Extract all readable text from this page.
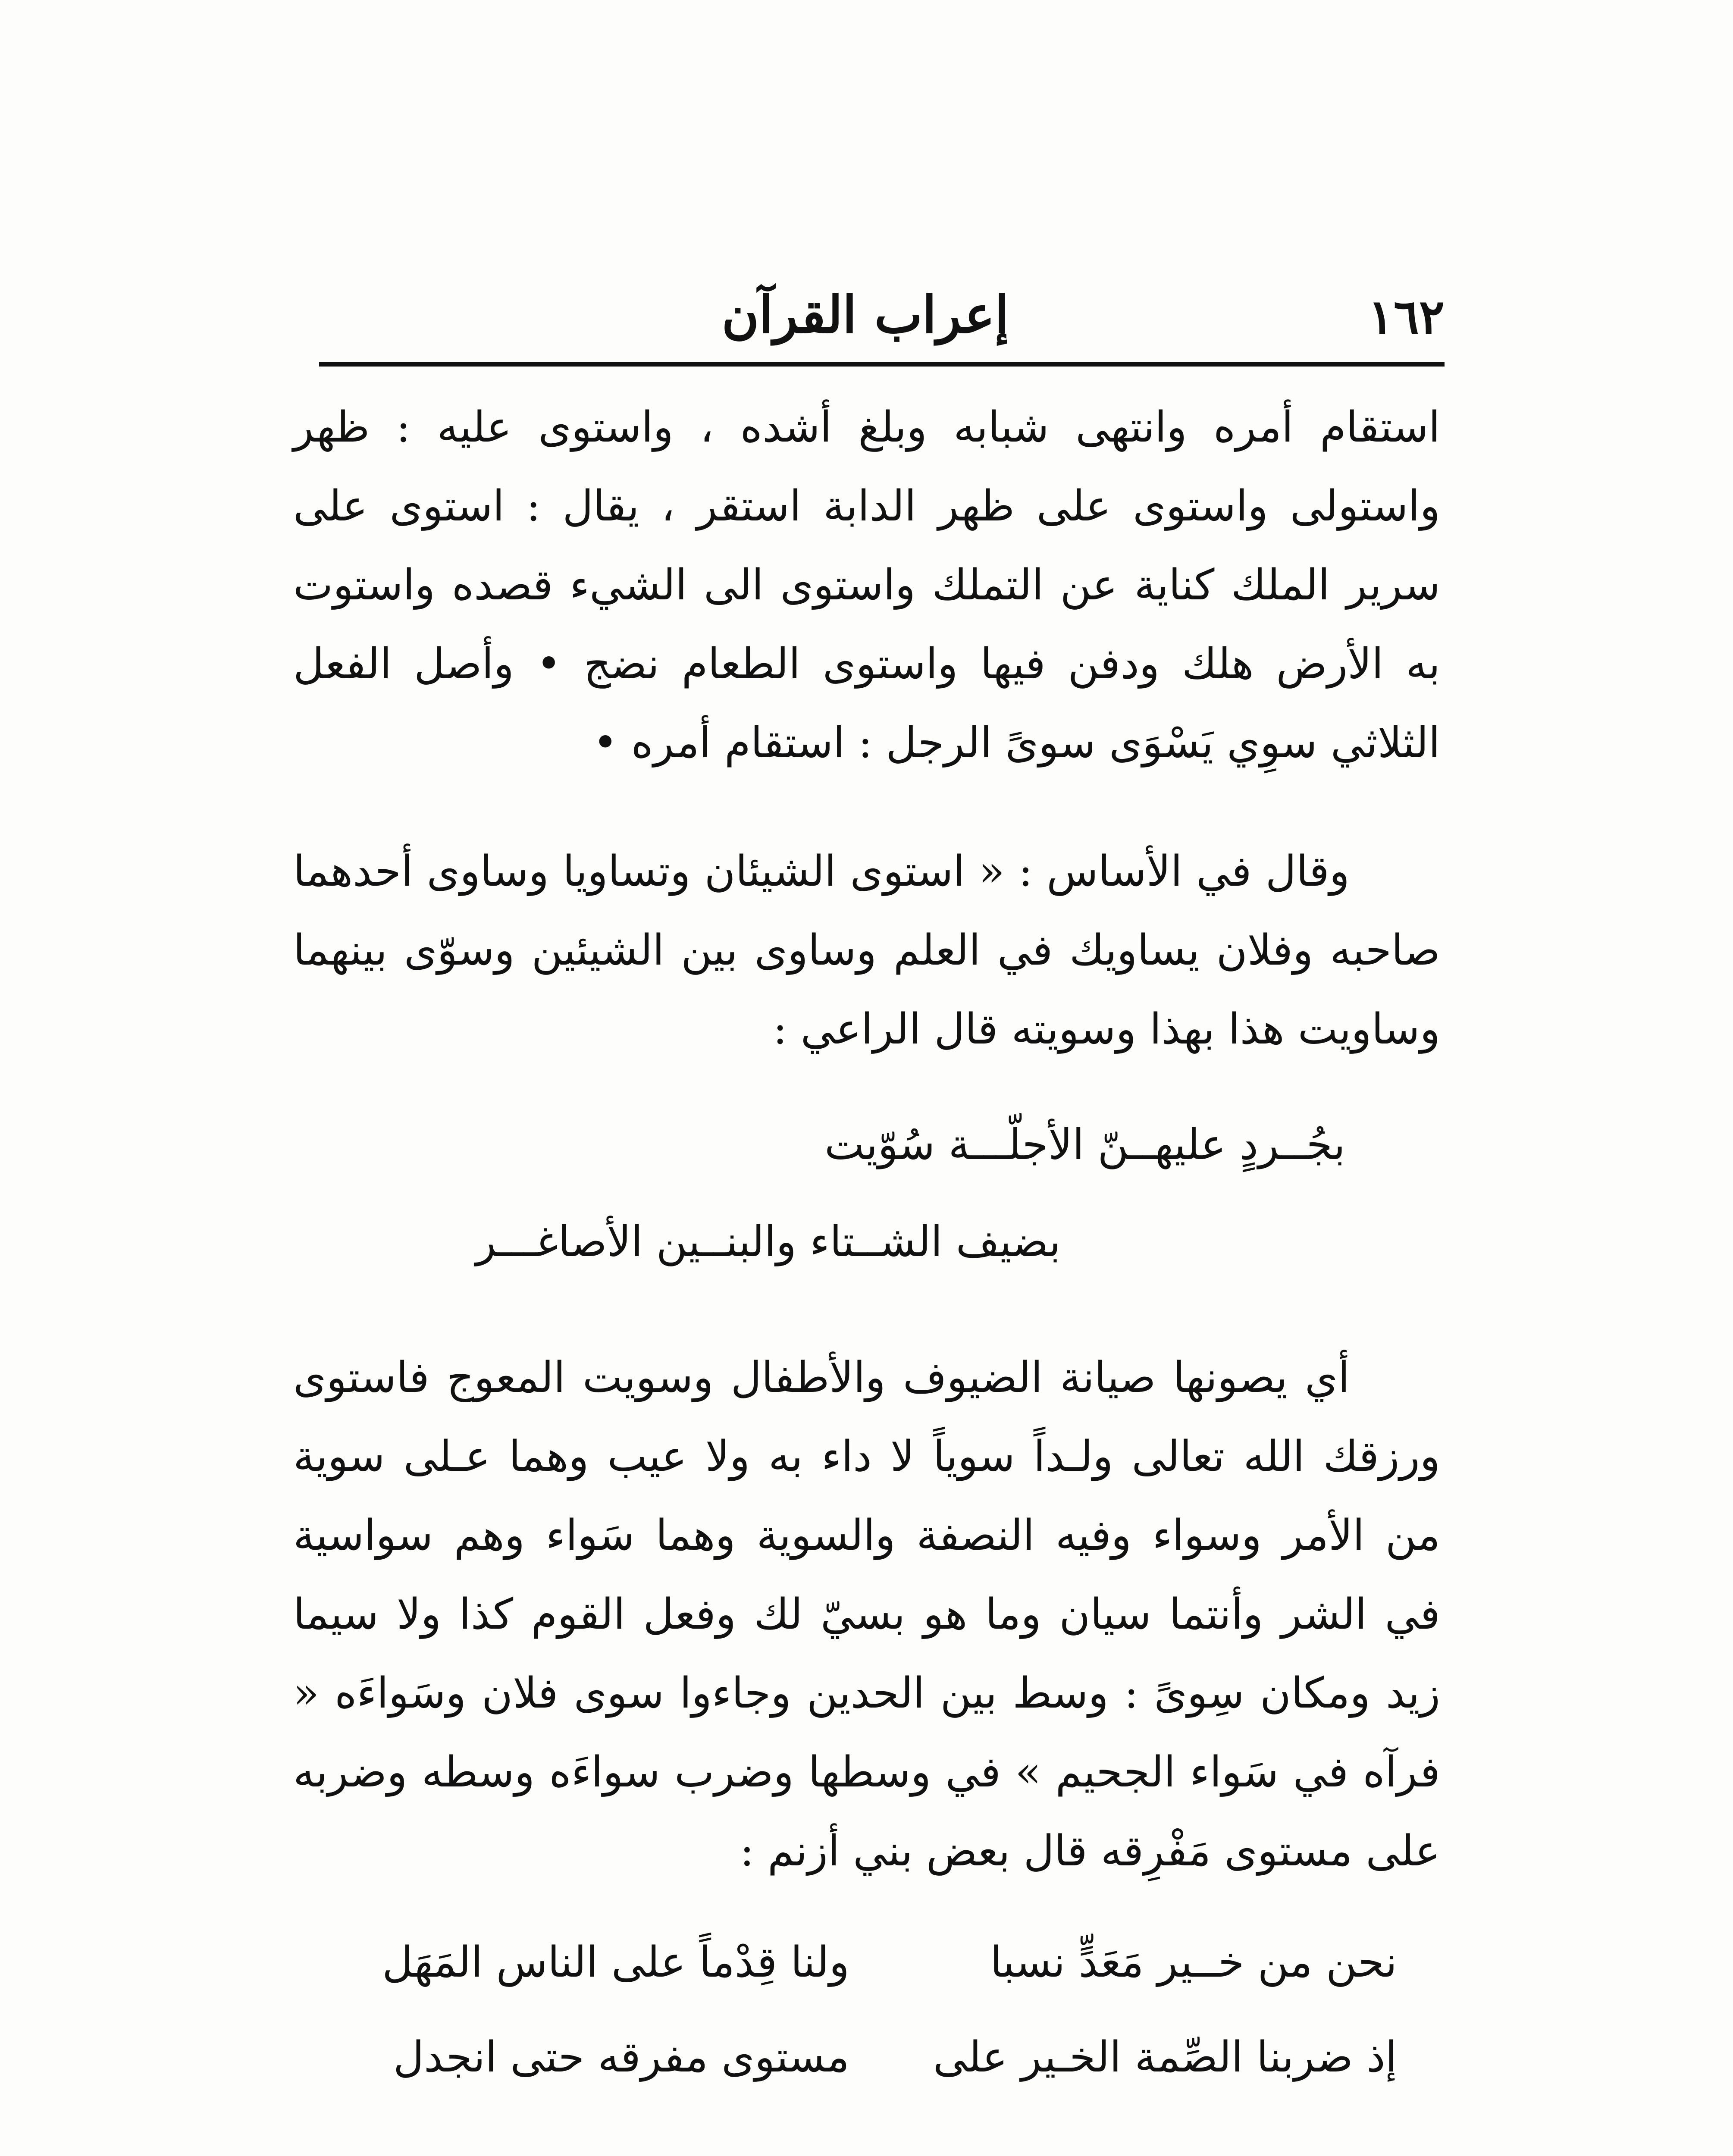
١٦٢
إعراب القرآن

استقام أمره وانتهى شبابه وبلغ أشده ، واستوى عليه : ظهر واستولى واستوى على ظهر الدابة استقر ، يقال : استوى على سرير الملك كناية عن التملك واستوى الى الشيء قصده واستوت به الأرض هلك ودفن فيها واستوى الطعام نضج • وأصل الفعل الثلاثي سوِي يَسْوَى سوىً الرجل : استقام أمره •

وقال في الأساس : « استوى الشيئان وتساويا وساوى أحدهما صاحبه وفلان يساويك في العلم وساوى بين الشيئين وسوّى بينهما وساويت هذا بهذا وسويته قال الراعي :

بجُــردٍ عليهــنّ الأجلّـــة سُوّيت
بضيف الشــتاء والبنــين الأصاغـــر

أي يصونها صيانة الضيوف والأطفال وسويت المعوج فاستوى ورزقك الله تعالى ولـداً سوياً لا داء به ولا عيب وهما عـلى سوية من الأمر وسواء وفيه النصفة والسوية وهما سَواء وهم سواسية في الشر وأنتما سيان وما هو بسيّ لك وفعل القوم كذا ولا سيما زيد ومكان سِوىً : وسط بين الحدين وجاءوا سوى فلان وسَواءَه « فرآه في سَواء الجحيم » في وسطها وضرب سواءَه وسطه وضربه على مستوى مَفْرِقه قال بعض بني أزنم :

نحن من خــير مَعَدٍّ نسبا
ولنا قِدْماً على الناس المَهَل
إذ ضربنا الصِّمة الخـير على
مستوى مفرقه حتى انجدل
